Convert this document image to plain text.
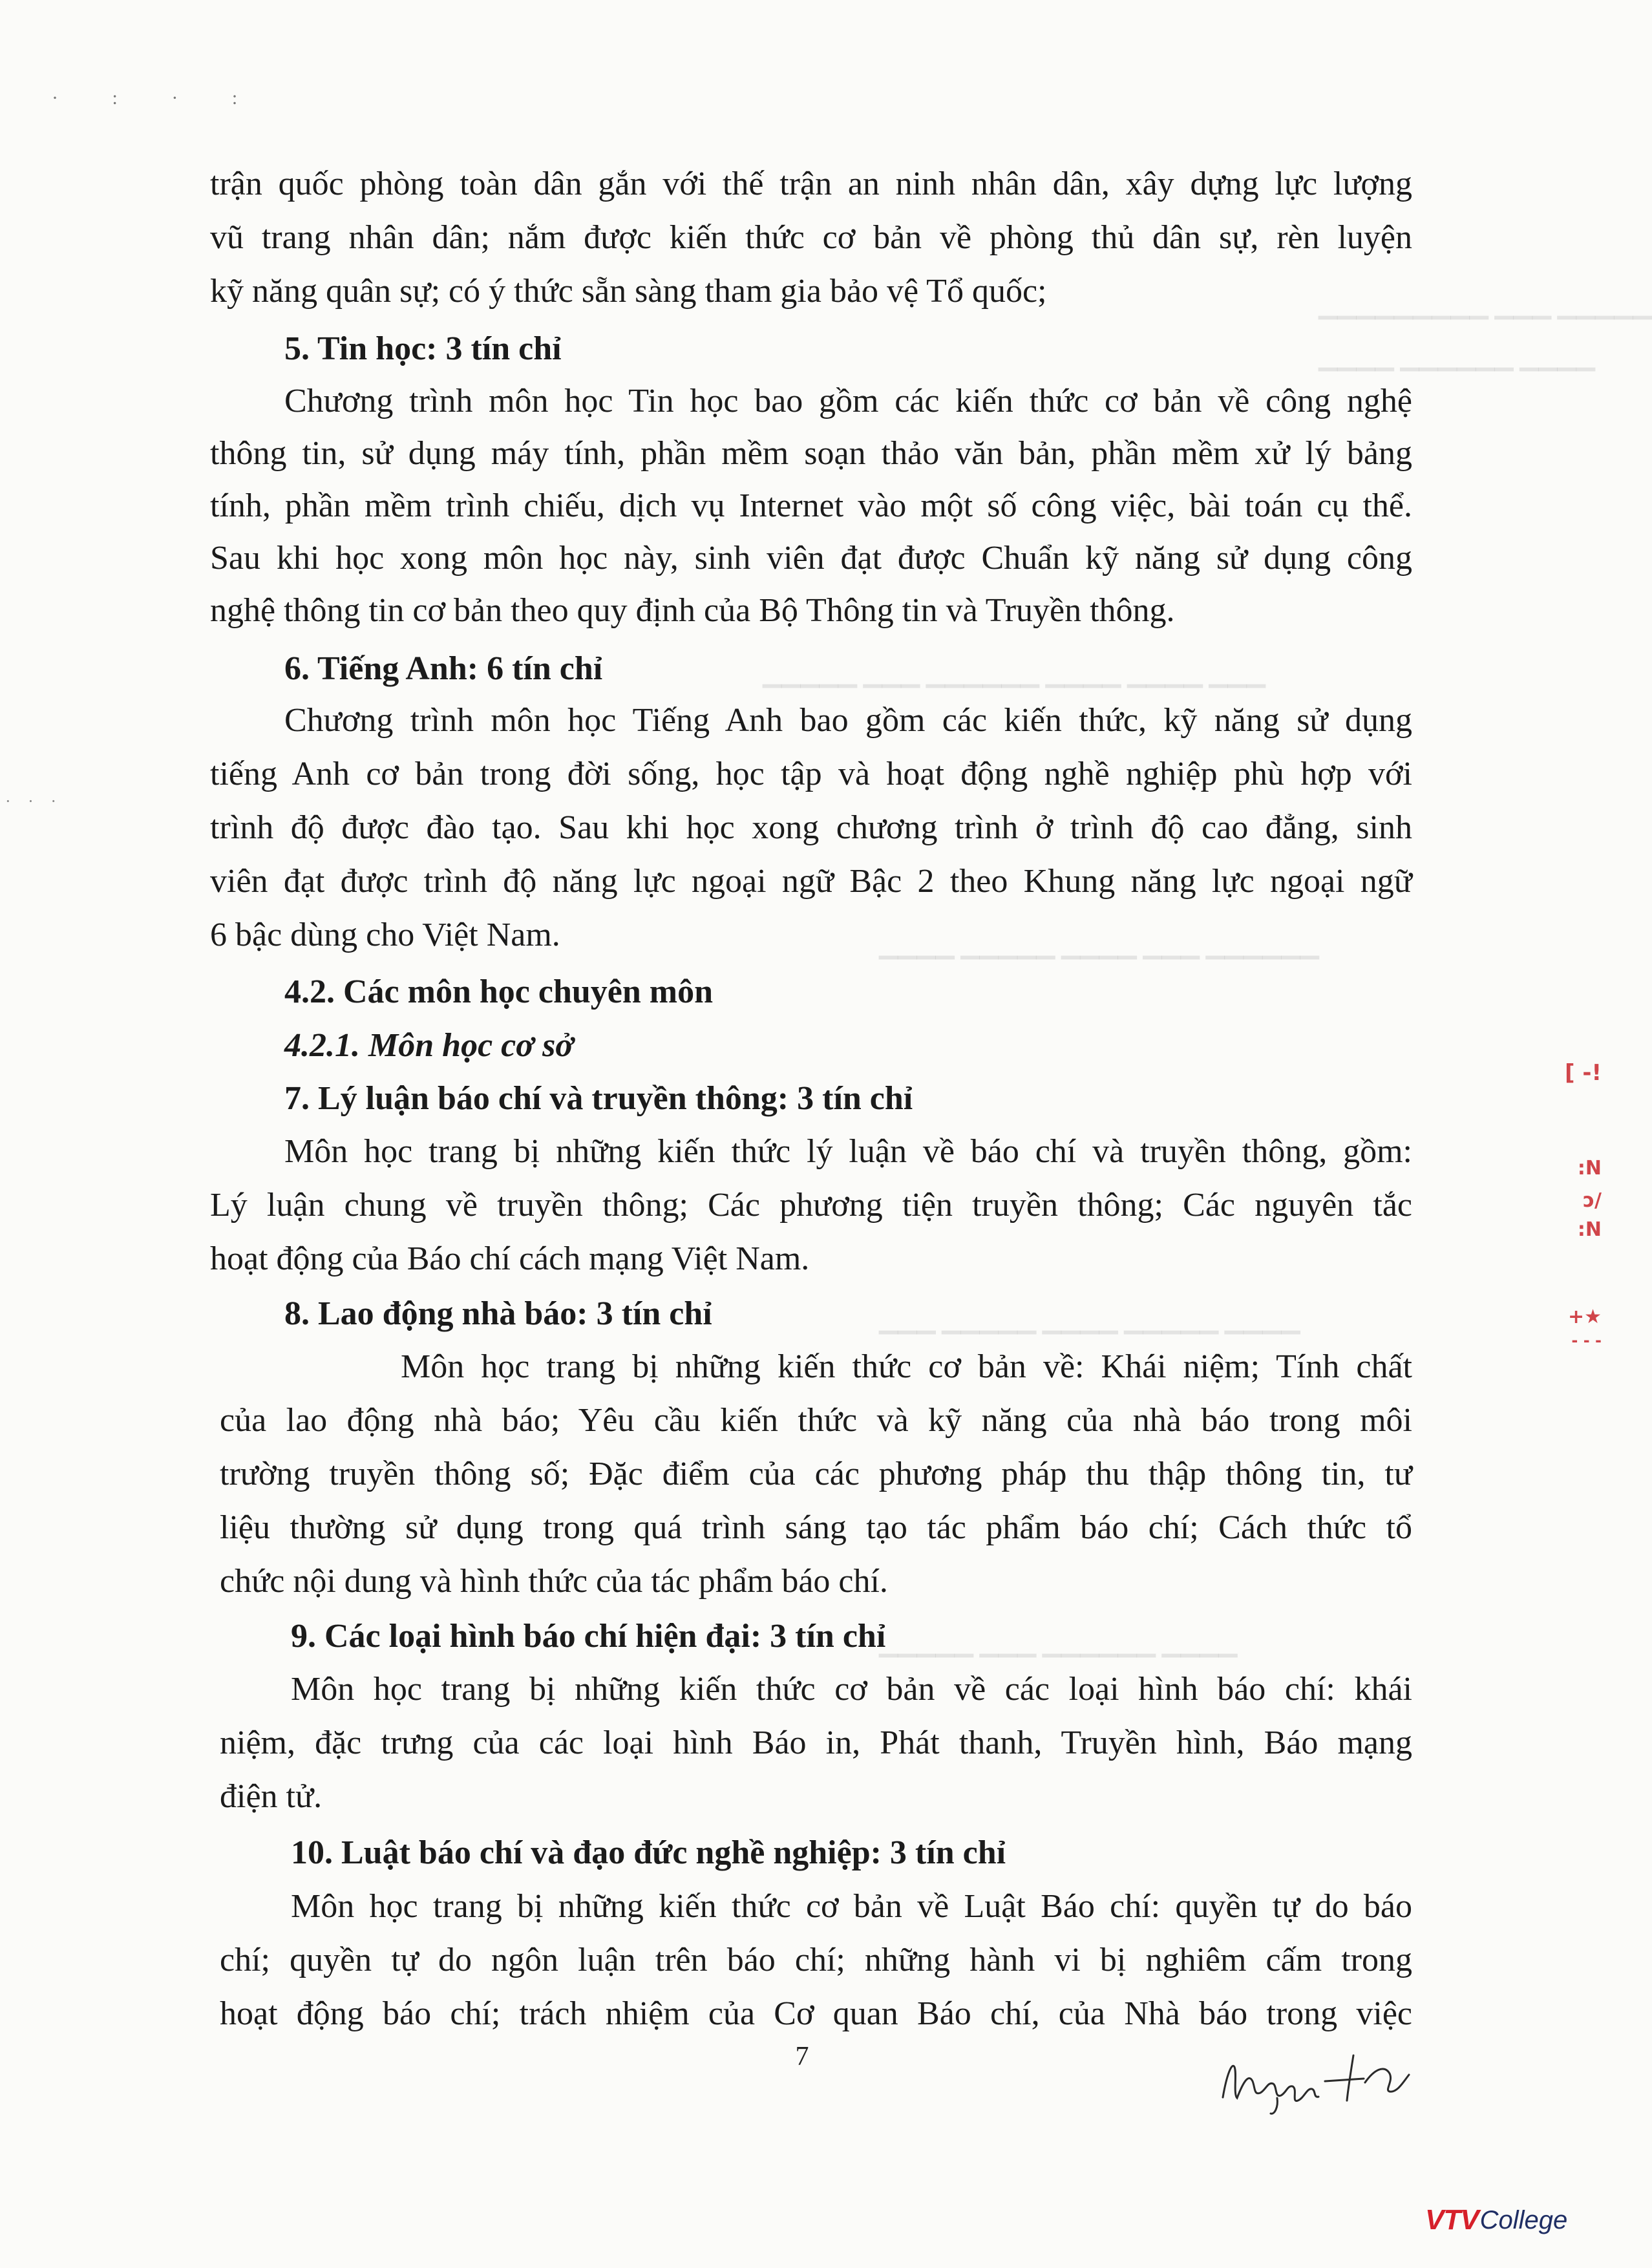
▁▁▁▁▁▁▁▁▁ ▁▁▁ ▁▁▁▁▁
▁▁▁▁ ▁▁▁▁▁▁ ▁▁▁▁
▁▁▁▁▁ ▁▁▁ ▁▁▁▁▁▁ ▁▁▁▁ ▁▁▁▁ ▁▁▁
▁▁▁▁ ▁▁▁▁▁ ▁▁▁▁ ▁▁▁ ▁▁▁▁▁▁
▁▁▁ ▁▁▁▁▁ ▁▁▁▁ ▁▁▁▁▁ ▁▁▁▁
▁▁▁▁▁ ▁▁▁ ▁▁▁▁▁▁ ▁▁▁▁
· : · :
· · ·
trận quốc phòng toàn dân gắn với thế trận an ninh nhân dân, xây dựng lực lượng
vũ trang nhân dân; nắm được kiến thức cơ bản về phòng thủ dân sự, rèn luyện
kỹ năng quân sự; có ý thức sẵn sàng tham gia bảo vệ Tổ quốc;
5. Tin học: 3 tín chỉ
Chương trình môn học Tin học bao gồm các kiến thức cơ bản về công nghệ
thông tin, sử dụng máy tính, phần mềm soạn thảo văn bản, phần mềm xử lý bảng
tính, phần mềm trình chiếu, dịch vụ Internet vào một số công việc, bài toán cụ thể.
Sau khi học xong môn học này, sinh viên đạt được Chuẩn kỹ năng sử dụng công
nghệ thông tin cơ bản theo quy định của Bộ Thông tin và Truyền thông.
6. Tiếng Anh: 6 tín chỉ
Chương trình môn học Tiếng Anh bao gồm các kiến thức, kỹ năng sử dụng
tiếng Anh cơ bản trong đời sống, học tập và hoạt động nghề nghiệp phù hợp với
trình độ được đào tạo. Sau khi học xong chương trình ở trình độ cao đẳng, sinh
viên đạt được trình độ năng lực ngoại ngữ Bậc 2 theo Khung năng lực ngoại ngữ
6 bậc dùng cho Việt Nam.
4.2. Các môn học chuyên môn
4.2.1. Môn học cơ sở
7. Lý luận báo chí và truyền thông: 3 tín chỉ
Môn học trang bị những kiến thức lý luận về báo chí và truyền thông, gồm:
Lý luận chung về truyền thông; Các phương tiện truyền thông; Các nguyên tắc
hoạt động của Báo chí cách mạng Việt Nam.
8. Lao động nhà báo: 3 tín chỉ
Môn học trang bị những kiến thức cơ bản về: Khái niệm; Tính chất
của lao động nhà báo; Yêu cầu kiến thức và kỹ năng của nhà báo trong môi
trường truyền thông số; Đặc điểm của các phương pháp thu thập thông tin, tư
liệu thường sử dụng trong quá trình sáng tạo tác phẩm báo chí; Cách thức tổ
chức nội dung và hình thức của tác phẩm báo chí.
9. Các loại hình báo chí hiện đại: 3 tín chỉ
Môn học trang bị những kiến thức cơ bản về các loại hình báo chí: khái
niệm, đặc trưng của các loại hình Báo in, Phát thanh, Truyền hình, Báo mạng
điện tử.
10. Luật báo chí và đạo đức nghề nghiệp: 3 tín chỉ
Môn học trang bị những kiến thức cơ bản về Luật Báo chí: quyền tự do báo
chí; quyền tự do ngôn luận trên báo chí; những hành vi bị nghiêm cấm trong
hoạt động báo chí; trách nhiệm của Cơ quan Báo chí, của Nhà báo trong việc
7
[ -!
:N
ɔ/
:N
+★
- - -
VTV College
